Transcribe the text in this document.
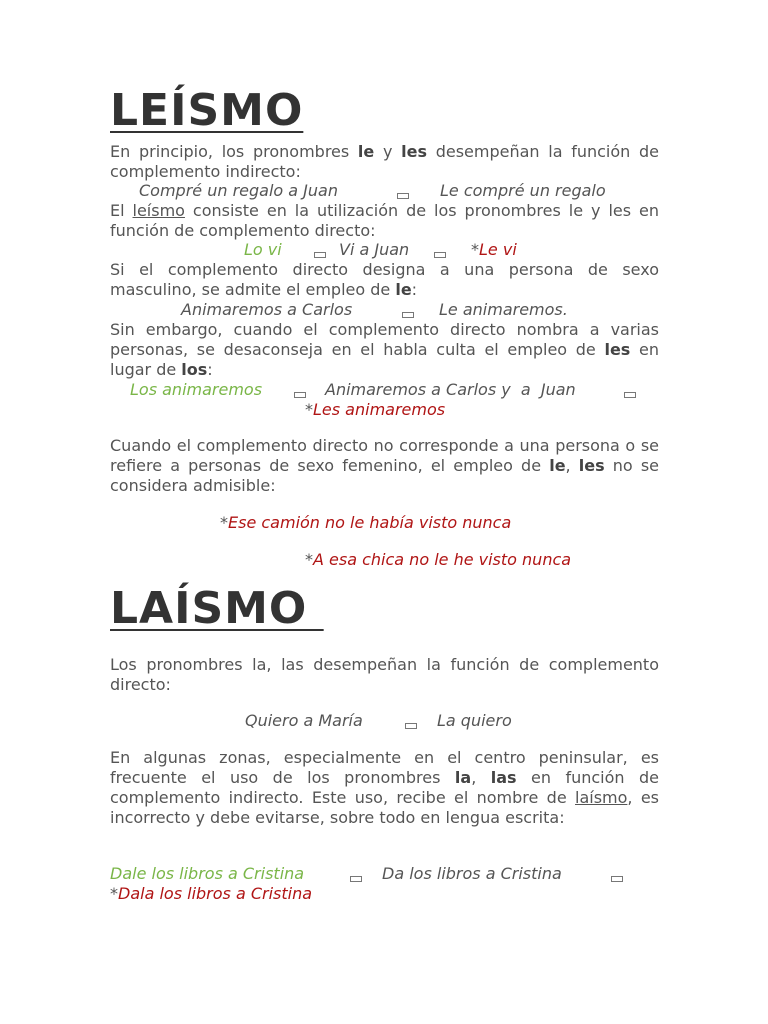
LEÍSMO
En principio, los pronombres le y les desempeñan la función de complemento indirecto:
Compré un regalo a Juan	Le compré un regalo
El leísmo consiste en la utilización de los pronombres le y les en función de complemento directo:
Lo vi	Vi a Juan	*Le vi
Si el complemento directo designa a una persona de sexo masculino, se admite el empleo de le:
Animaremos a Carlos	Le animaremos.
Sin embargo, cuando el complemento directo nombra a varias personas, se desaconseja en el habla culta el empleo de les en lugar de los:
Los animaremos	Animaremos a Carlos y  a  Juan
*Les animaremos
Cuando el complemento directo no corresponde a una persona o se refiere a personas de sexo femenino, el empleo de le, les no se considera admisible:
*Ese camión no le había visto nunca
*A esa chica no le he visto nunca
LAÍSMO
Los pronombres la, las desempeñan la función de complemento directo:
Quiero a María	La quiero
En algunas zonas, especialmente en el centro peninsular, es frecuente el uso de los pronombres la, las en función de complemento indirecto. Este uso, recibe el nombre de laísmo, es incorrecto y debe evitarse, sobre todo en lengua escrita:
Dale los libros a Cristina	Da los libros a Cristina
*Dala los libros a Cristina
